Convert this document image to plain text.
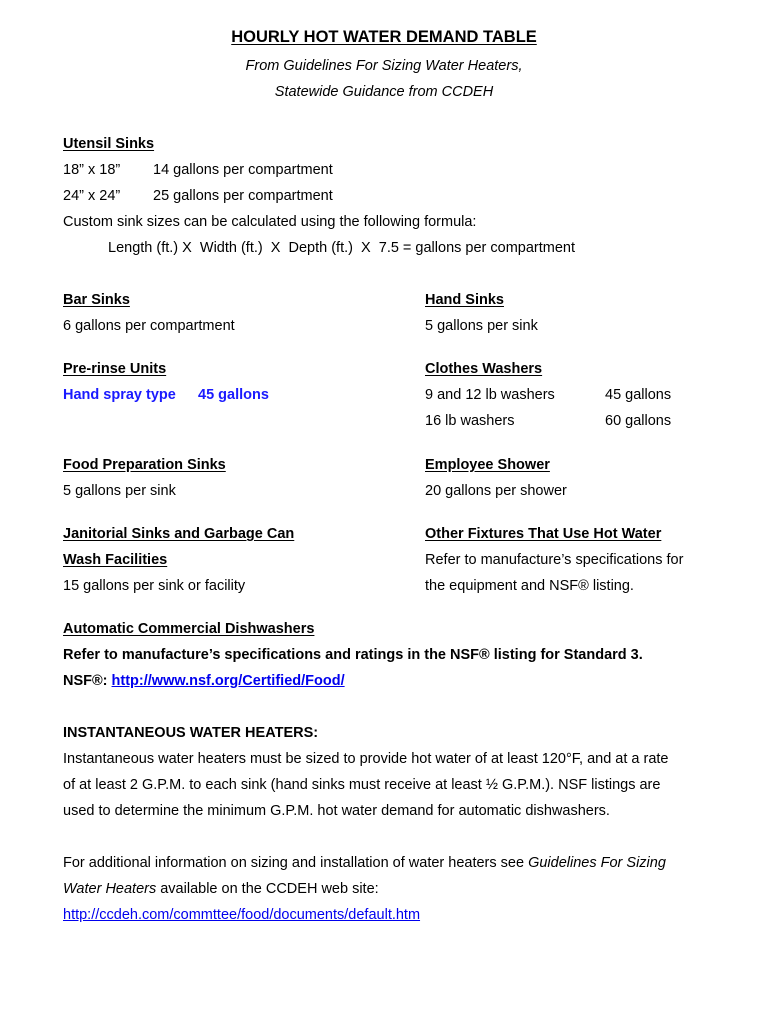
HOURLY HOT WATER DEMAND TABLE
From Guidelines For Sizing Water Heaters,
Statewide Guidance from CCDEH
Utensil Sinks
18” x 18” 14 gallons per compartment
24” x 24” 25 gallons per compartment
Custom sink sizes can be calculated using the following formula:
Length (ft.) X  Width (ft.)  X  Depth (ft.)  X  7.5 = gallons per compartment
Bar Sinks
6 gallons per compartment
Hand Sinks
5 gallons per sink
Pre-rinse Units
Hand spray type 45 gallons
Clothes Washers
9 and 12 lb washers	45 gallons
16 lb washers	60 gallons
Food Preparation Sinks
5 gallons per sink
Employee Shower
20 gallons per shower
Janitorial Sinks and Garbage Can
Wash Facilities
15 gallons per sink or facility
Other Fixtures That Use Hot Water
Refer to manufacture’s specifications for
the equipment and NSF® listing.
Automatic Commercial Dishwashers
Refer to manufacture’s specifications and ratings in the NSF® listing for Standard 3.
NSF®: http://www.nsf.org/Certified/Food/
INSTANTANEOUS WATER HEATERS:
Instantaneous water heaters must be sized to provide hot water of at least 120°F, and at a rate
of at least 2 G.P.M. to each sink (hand sinks must receive at least ½ G.P.M.). NSF listings are
used to determine the minimum G.P.M. hot water demand for automatic dishwashers.
For additional information on sizing and installation of water heaters see Guidelines For Sizing
Water Heaters available on the CCDEH web site:
http://ccdeh.com/commttee/food/documents/default.htm
